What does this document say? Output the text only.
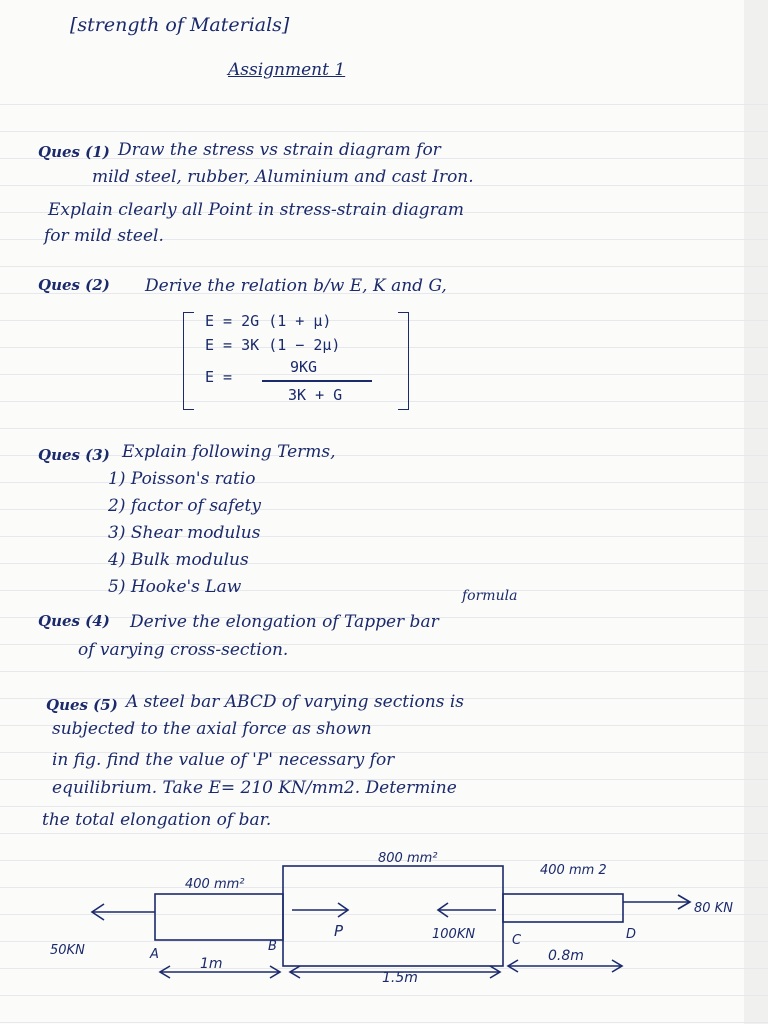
[strength of Materials]
Assignment 1
Ques (1) Draw the stress vs strain diagram for
mild steel, rubber, Aluminium and cast Iron.
Explain clearly all Point in stress-strain diagram
for mild steel.
Ques (2) Derive the relation b/w E, K and G,
E = 2G (1 + μ)
E = 3K (1 − 2μ)
E =
9KG
3K + G
Ques (3) Explain following Terms,
1) Poisson's ratio
2) factor of safety
3) Shear modulus
4) Bulk modulus
5) Hooke's Law	formula
Ques (4) Derive the elongation of Tapper bar
of varying cross-section.
Ques (5) A steel bar ABCD of varying sections is
subjected to the axial force as shown
in fig. find the value of 'P' necessary for
equilibrium. Take E= 210 KN/mm2. Determine
the total elongation of bar.
800 mm²
400 mm²
400 mm 2
50KN
P	100KN
80 KN
A
B	C	D
1m
1.5m
0.8m
